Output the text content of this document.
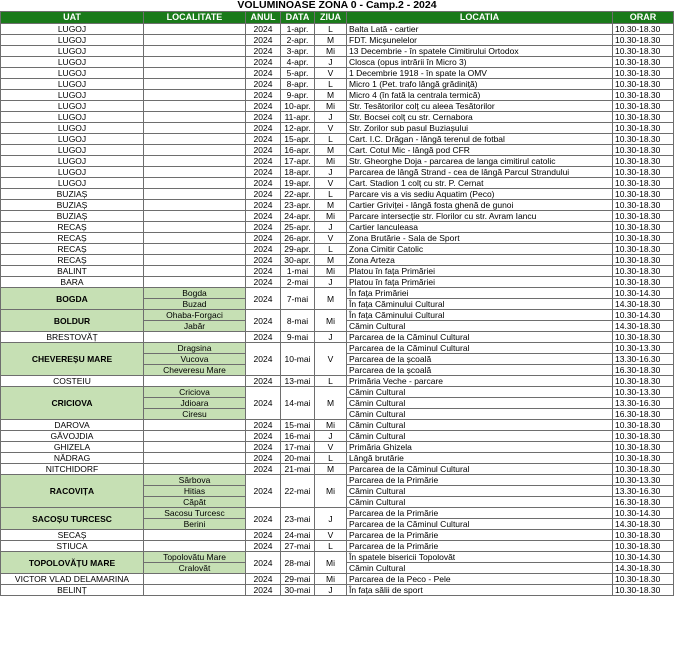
VOLUMINOASE ZONA 0 - Camp.2 - 2024
UAT	LOCALITATE	ANUL	DATA	ZIUA	LOCATIA	ORAR
LUGOJ		2024	1-apr.	L	Balta Lată - cartier	10.30-18.30
LUGOJ		2024	2-apr.	M	FDT. Micșunelelor	10.30-18.30
LUGOJ		2024	3-apr.	Mi	13 Decembrie - în spatele Cimitirului Ortodox	10.30-18.30
LUGOJ		2024	4-apr.	J	Closca (opus intrării în Micro 3)	10.30-18.30
LUGOJ		2024	5-apr.	V	1 Decembrie 1918 - în spate la OMV	10.30-18.30
LUGOJ		2024	8-apr.	L	Micro 1 (Pet. trafo lângă grădiniță)	10.30-18.30
LUGOJ		2024	9-apr.	M	Micro 4 (în fată la centrala termică)	10.30-18.30
LUGOJ		2024	10-apr.	Mi	Str. Tesătorilor colț cu aleea Tesătorilor	10.30-18.30
LUGOJ		2024	11-apr.	J	Str. Bocsei colț cu str. Cernabora	10.30-18.30
LUGOJ		2024	12-apr.	V	Str. Zorilor sub pasul Buziașului	10.30-18.30
LUGOJ		2024	15-apr.	L	Cart. I.C. Drăgan - lângă terenul de fotbal	10.30-18.30
LUGOJ		2024	16-apr.	M	Cart. Cotul Mic - lângă pod CFR	10.30-18.30
LUGOJ		2024	17-apr.	Mi	Str. Gheorghe Doja - parcarea de langa cimitirul catolic	10.30-18.30
LUGOJ		2024	18-apr.	J	Parcarea de lângă Strand - cea de lângă Parcul Strandului	10.30-18.30
LUGOJ		2024	19-apr.	V	Cart. Stadion 1 colț cu str. P. Cernat	10.30-18.30
BUZIAȘ		2024	22-apr.	L	Parcare vis a vis sediu Aquatim (Peco)	10.30-18.30
BUZIAȘ		2024	23-apr.	M	Cartier Griviței - lângă fosta ghenă de gunoi	10.30-18.30
BUZIAȘ		2024	24-apr.	Mi	Parcare intersecție str. Florilor cu str. Avram Iancu	10.30-18.30
RECAȘ		2024	25-apr.	J	Cartier Ianculeasa	10.30-18.30
RECAȘ		2024	26-apr.	V	Zona Brutărie - Sala de Sport	10.30-18.30
RECAȘ		2024	29-apr.	L	Zona Cimitir Catolic	10.30-18.30
RECAȘ		2024	30-apr.	M	Zona Arteza	10.30-18.30
BALINT		2024	1-mai	Mi	Platou în fața Primăriei	10.30-18.30
BARA		2024	2-mai	J	Platou în fața Primăriei	10.30-18.30
BOGDA	Bogda	2024	7-mai	M	În fața Primăriei	10.30-14.30
	Buzad				În fața Căminului Cultural	14.30-18.30
BOLDUR	Ohaba-Forgaci	2024	8-mai	Mi	În fața Căminului Cultural	10.30-14.30
	Jabăr				Cămin Cultural	14.30-18.30
BRESTOVĂȚ		2024	9-mai	J	Parcarea de la Căminul Cultural	10.30-18.30
CHEVEREȘU MARE	Dragsina	2024	10-mai	V	Parcarea de la Căminul Cultural	10.30-13.30
	Vucova				Parcarea de la școală	13.30-16.30
	Cheveresu Mare				Parcarea de la școală	16.30-18.30
COSTEIU		2024	13-mai	L	Primăria Veche - parcare	10.30-18.30
CRICIOVA	Criciova	2024	14-mai	M	Cămin Cultural	10.30-13.30
	Jdioara				Cămin Cultural	13.30-16.30
	Ciresu				Cămin Cultural	16.30-18.30
DAROVA		2024	15-mai	Mi	Cămin Cultural	10.30-18.30
GĂVOJDIA		2024	16-mai	J	Cămin Cultural	10.30-18.30
GHIZELA		2024	17-mai	V	Primăria Ghizela	10.30-18.30
NĂDRAG		2024	20-mai	L	Lângă brutărie	10.30-18.30
NITCHIDORF		2024	21-mai	M	Parcarea de la Căminul Cultural	10.30-18.30
RACOVIȚA	Sârbova	2024	22-mai	Mi	Parcarea de la Primărie	10.30-13.30
	Hitias				Cămin Cultural	13.30-16.30
	Căpăt				Cămin Cultural	16.30-18.30
SACOȘU TURCESC	Sacosu Turcesc	2024	23-mai	J	Parcarea de la Primărie	10.30-14.30
	Berini				Parcarea de la Căminul Cultural	14.30-18.30
SECAȘ		2024	24-mai	V	Parcarea de la Primărie	10.30-18.30
STIUCA		2024	27-mai	L	Parcarea de la Primărie	10.30-18.30
TOPOLOVĂȚU MARE	Topolovătu Mare	2024	28-mai	Mi	În spatele bisericii Topolovăt	10.30-14.30
	Cralovăt				Cămin Cultural	14.30-18.30
VICTOR VLAD DELAMARINA		2024	29-mai	Mi	Parcarea de la Peco - Pele	10.30-18.30
BELINȚ		2024	30-mai	J	În fața sălii de sport	10.30-18.30
